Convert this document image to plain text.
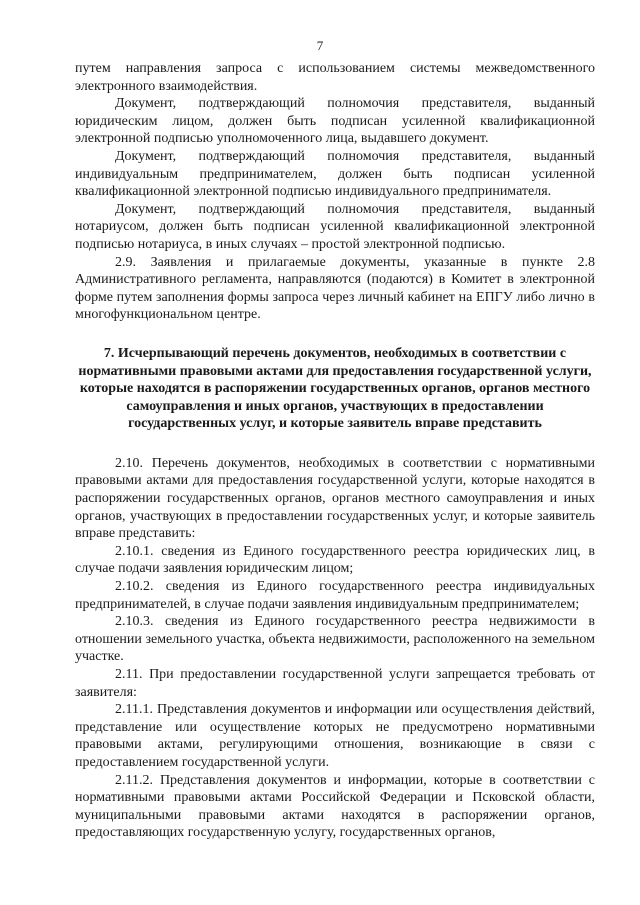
7

путем направления запроса с использованием системы межведомственного электронного взаимодействия.

Документ, подтверждающий полномочия представителя, выданный юридическим лицом, должен быть подписан усиленной квалификационной электронной подписью уполномоченного лица, выдавшего документ.

Документ, подтверждающий полномочия представителя, выданный индивидуальным предпринимателем, должен быть подписан усиленной квалификационной электронной подписью индивидуального предпринимателя.

Документ, подтверждающий полномочия представителя, выданный нотариусом, должен быть подписан усиленной квалификационной электронной подписью нотариуса, в иных случаях – простой электронной подписью.

2.9. Заявления и прилагаемые документы, указанные в пункте 2.8 Административного регламента, направляются (подаются) в Комитет в электронной форме путем заполнения формы запроса через личный кабинет на ЕПГУ либо лично в многофункциональном центре.

7. Исчерпывающий перечень документов, необходимых в соответствии с нормативными правовыми актами для предоставления государственной услуги, которые находятся в распоряжении государственных органов, органов местного самоуправления и иных органов, участвующих в предоставлении государственных услуг, и которые заявитель вправе представить

2.10. Перечень документов, необходимых в соответствии с нормативными правовыми актами для предоставления государственной услуги, которые находятся в распоряжении государственных органов, органов местного самоуправления и иных органов, участвующих в предоставлении государственных услуг, и которые заявитель вправе представить:

2.10.1. сведения из Единого государственного реестра юридических лиц, в случае подачи заявления юридическим лицом;

2.10.2. сведения из Единого государственного реестра индивидуальных предпринимателей, в случае подачи заявления индивидуальным предпринимателем;

2.10.3. сведения из Единого государственного реестра недвижимости в отношении земельного участка, объекта недвижимости, расположенного на земельном участке.

2.11. При предоставлении государственной услуги запрещается требовать от заявителя:

2.11.1. Представления документов и информации или осуществления действий, представление или осуществление которых не предусмотрено нормативными правовыми актами, регулирующими отношения, возникающие в связи с предоставлением государственной услуги.

2.11.2. Представления документов и информации, которые в соответствии с нормативными правовыми актами Российской Федерации и Псковской области, муниципальными правовыми актами находятся в распоряжении органов, предоставляющих государственную услугу, государственных органов,
